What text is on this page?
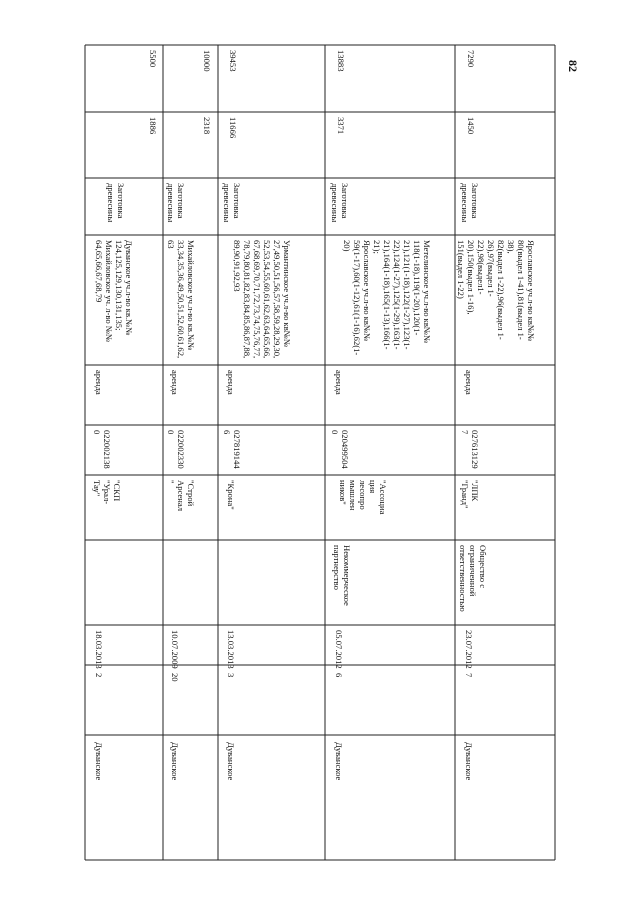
5500
1886
Заготовка
древесины
Дуванское уч.л-во кв.№№
124,125,129,130,131,135;
Михайловское уч. л-во №№
64,65,66,67,68,79
аренда
022002138
0
"СКП
"Урал-
Тау"
18.03.2013
2
Дуванское
10000
2318
Заготовка
древесины
Михайловское уч.л-во кв.№№
33,34,35,36,49,50,51,52,60,61,62,
63
аренда
022002330
0
"Строй
Арсенал
"
10.07.2009
20
Дуванское
39453
11666
Заготовка
древесины
Урмантинское уч.л-во кв№№
27,49,50,51,56,57,58,59,28,29,30,
52,53,54,55,60,61,62,63,64,65,66,
67,68,69,70,71,72,73,74,75,76,77,
78,79,80,81,82,83,84,85,86,87,88,
89,90,91,92,93
аренда
027819144
6
"Крона"
13.03.2013
3
Дуванское
13883
3371
Заготовка
древесины
Метелинское уч.л-во кв№№
118(1-18),119(1-20),120(1-
21),121(1-18),122(1-27),123(1-
22),124(1-27),125(1-29),163(1-
21),164(1-18),165(1-13),166(1-
21);
Ярославское уч.л-во кв№№
59(1-17),60(1-12),61(1-16),62(1-
20)
аренда
020499504
0
"Ассоциа
ция
лесопро
мышлен
ников"
Некоммерческое
партнерство
05.07.2012
6
Дуванское
7290
1450
Заготовка
древесины
Ярославское уч.л-во кв№№
80(выдел 1-41),81(выдел 1-38),
82(выдел 1-22),96(выдел 1-
26),97(выдел 1-22),98(выдел1-
20),150(выдел 1-16),
151(выдел 1-22)
аренда
027613129
7
"ЛПК
"Гранд"
Общество с
ограниченной
ответственностью
23.07.2012
7
Дуванское
82
